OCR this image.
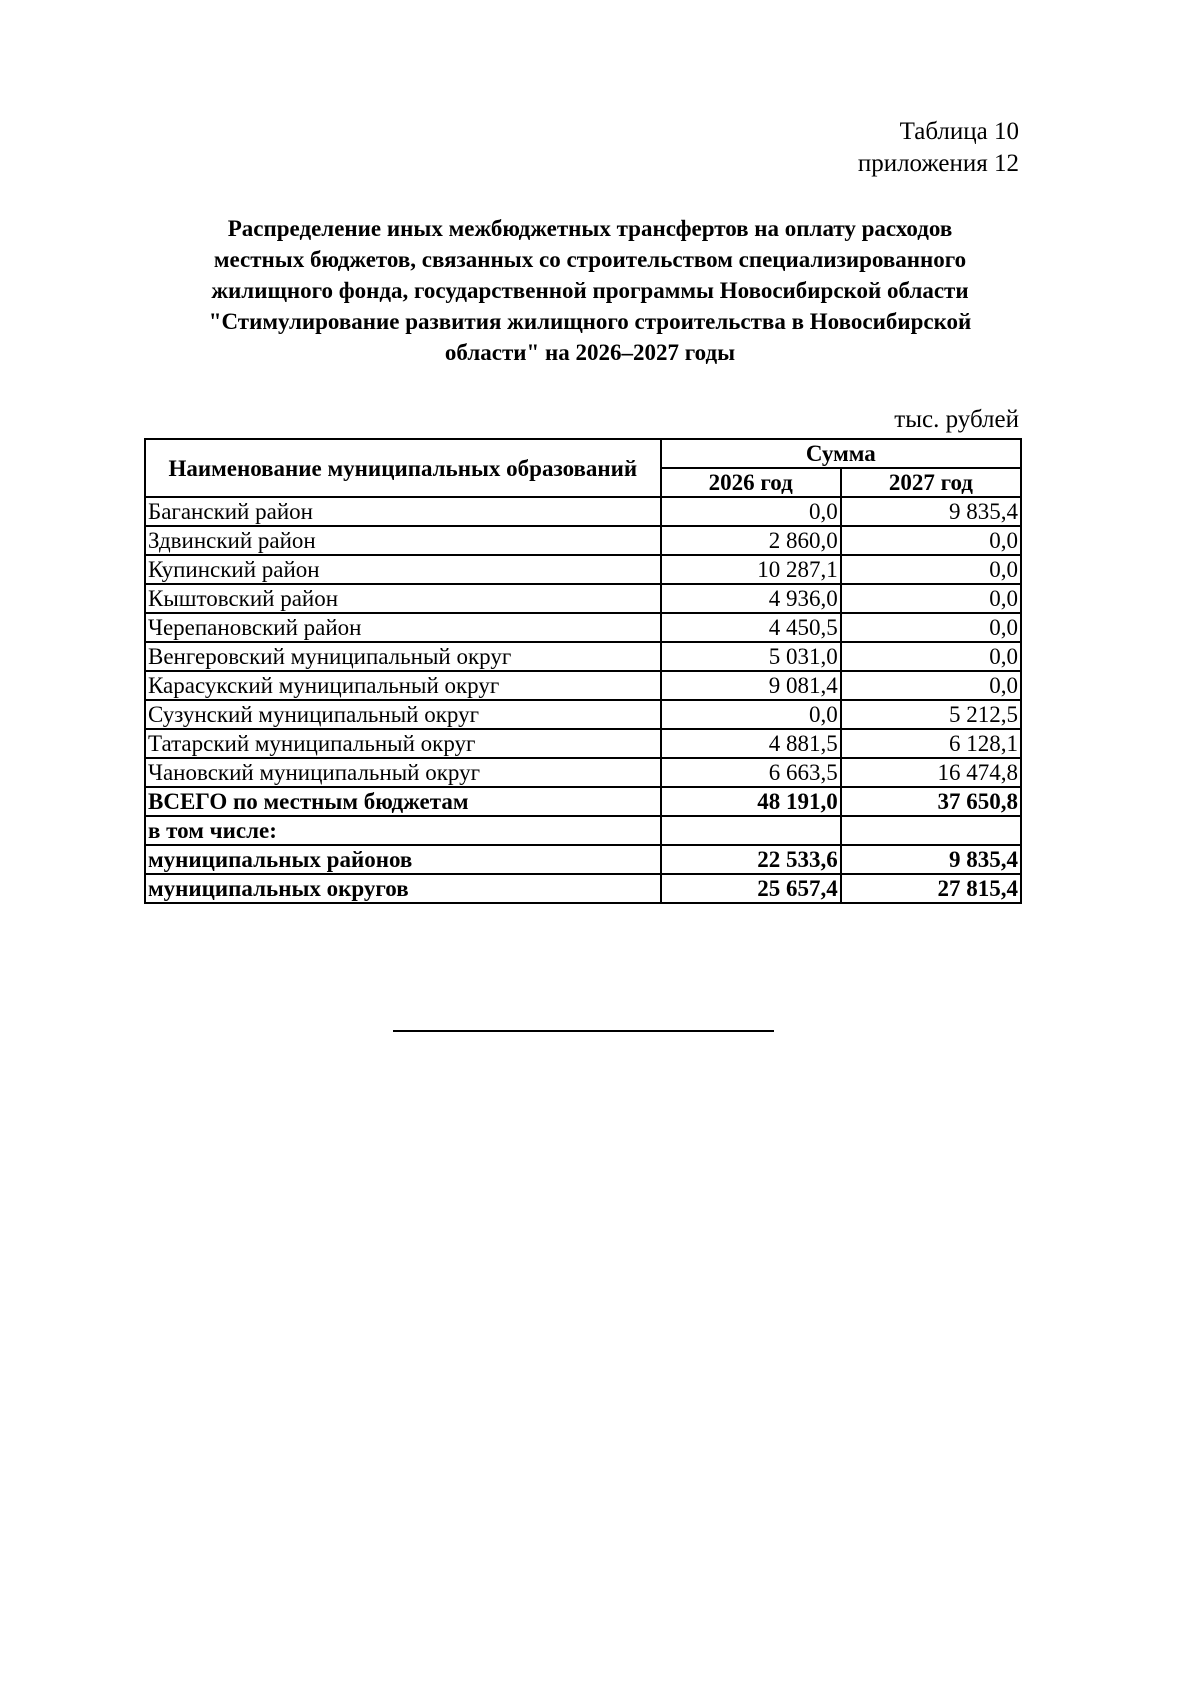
Таблица 10
приложения 12
Распределение иных межбюджетных трансфертов на оплату расходов
местных бюджетов, связанных со строительством специализированного
жилищного фонда, государственной программы Новосибирской области
"Стимулирование развития жилищного строительства в Новосибирской
области" на 2026–2027 годы
тыс. рублей
Наименование муниципальных образований	Сумма	
	2026 год	2027 год
Баганский район	0,0	9 835,4
Здвинский район	2 860,0	0,0
Купинский район	10 287,1	0,0
Кыштовский район	4 936,0	0,0
Черепановский район	4 450,5	0,0
Венгеровский муниципальный округ	5 031,0	0,0
Карасукский муниципальный округ	9 081,4	0,0
Сузунский муниципальный округ	0,0	5 212,5
Татарский муниципальный округ	4 881,5	6 128,1
Чановский муниципальный округ	6 663,5	16 474,8
ВСЕГО по местным бюджетам	48 191,0	37 650,8
в том числе:		
муниципальных районов	22 533,6	9 835,4
муниципальных округов	25 657,4	27 815,4
